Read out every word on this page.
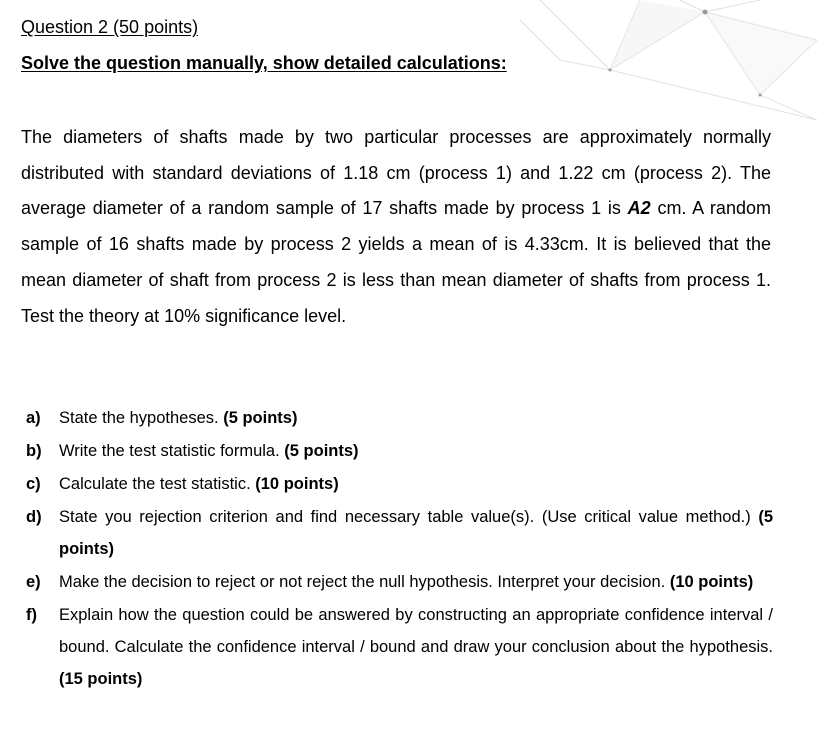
Question 2 (50 points)
Solve the question manually, show detailed calculations:

The diameters of shafts made by two particular processes are approximately normally distributed with standard deviations of 1.18 cm (process 1) and 1.22 cm (process 2). The average diameter of a random sample of 17 shafts made by process 1 is A2 cm. A random sample of 16 shafts made by process 2 yields a mean of is 4.33cm. It is believed that the mean diameter of shaft from process 2 is less than mean diameter of shafts from process 1. Test the theory at 10% significance level.

a) State the hypotheses. (5 points)
b) Write the test statistic formula. (5 points)
c) Calculate the test statistic. (10 points)
d) State you rejection criterion and find necessary table value(s). (Use critical value method.) (5 points)
e) Make the decision to reject or not reject the null hypothesis. Interpret your decision. (10 points)
f) Explain how the question could be answered by constructing an appropriate confidence interval / bound. Calculate the confidence interval / bound and draw your conclusion about the hypothesis. (15 points)
